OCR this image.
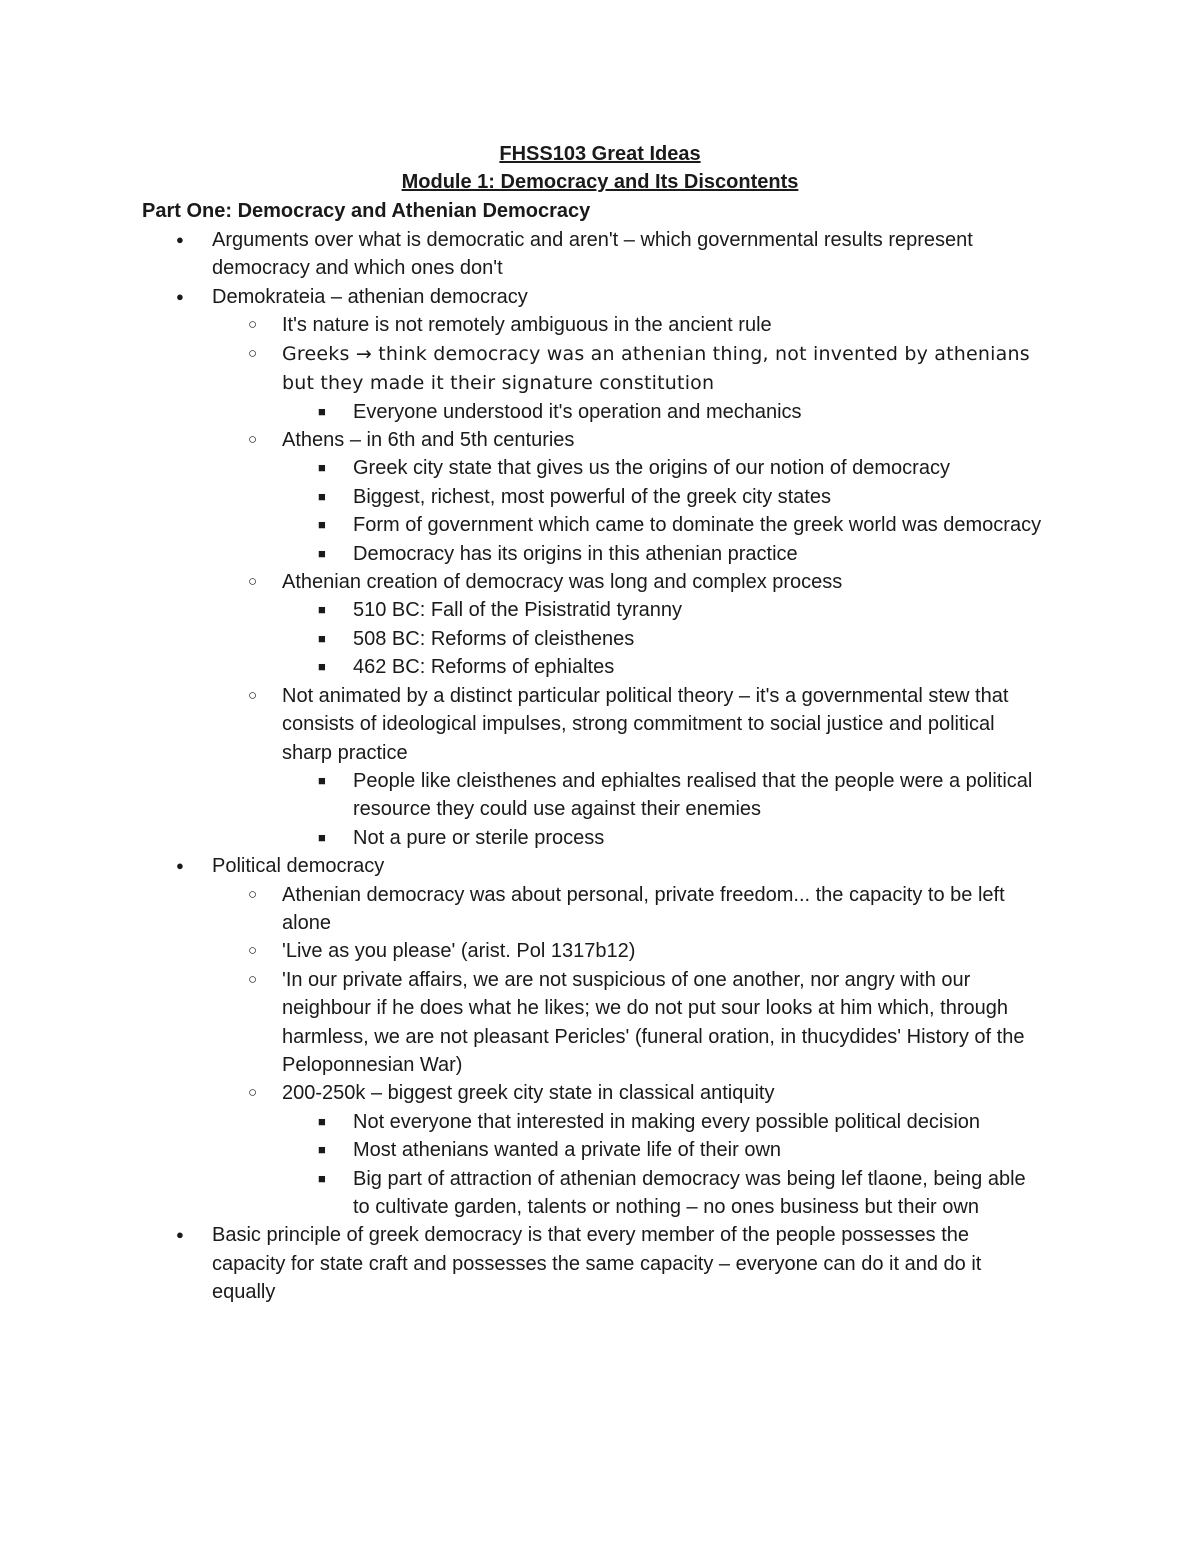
FHSS103 Great Ideas
Module 1: Democracy and Its Discontents
Part One: Democracy and Athenian Democracy
● Arguments over what is democratic and aren't – which governmental results represent democracy and which ones don't
● Demokrateia – athenian democracy
○ It's nature is not remotely ambiguous in the ancient rule
○ Greeks → think democracy was an athenian thing, not invented by athenians but they made it their signature constitution
■ Everyone understood it's operation and mechanics
○ Athens – in 6th and 5th centuries
■ Greek city state that gives us the origins of our notion of democracy
■ Biggest, richest, most powerful of the greek city states
■ Form of government which came to dominate the greek world was democracy
■ Democracy has its origins in this athenian practice
○ Athenian creation of democracy was long and complex process
■ 510 BC: Fall of the Pisistratid tyranny
■ 508 BC: Reforms of cleisthenes
■ 462 BC: Reforms of ephialtes
○ Not animated by a distinct particular political theory – it's a governmental stew that consists of ideological impulses, strong commitment to social justice and political sharp practice
■ People like cleisthenes and ephialtes realised that the people were a political resource they could use against their enemies
■ Not a pure or sterile process
● Political democracy
○ Athenian democracy was about personal, private freedom... the capacity to be left alone
○ 'Live as you please' (arist. Pol 1317b12)
○ 'In our private affairs, we are not suspicious of one another, nor angry with our neighbour if he does what he likes; we do not put sour looks at him which, through harmless, we are not pleasant Pericles' (funeral oration, in thucydides' History of the Peloponnesian War)
○ 200-250k – biggest greek city state in classical antiquity
■ Not everyone that interested in making every possible political decision
■ Most athenians wanted a private life of their own
■ Big part of attraction of athenian democracy was being lef tlaone, being able to cultivate garden, talents or nothing – no ones business but their own
● Basic principle of greek democracy is that every member of the people possesses the capacity for state craft and possesses the same capacity – everyone can do it and do it equally
